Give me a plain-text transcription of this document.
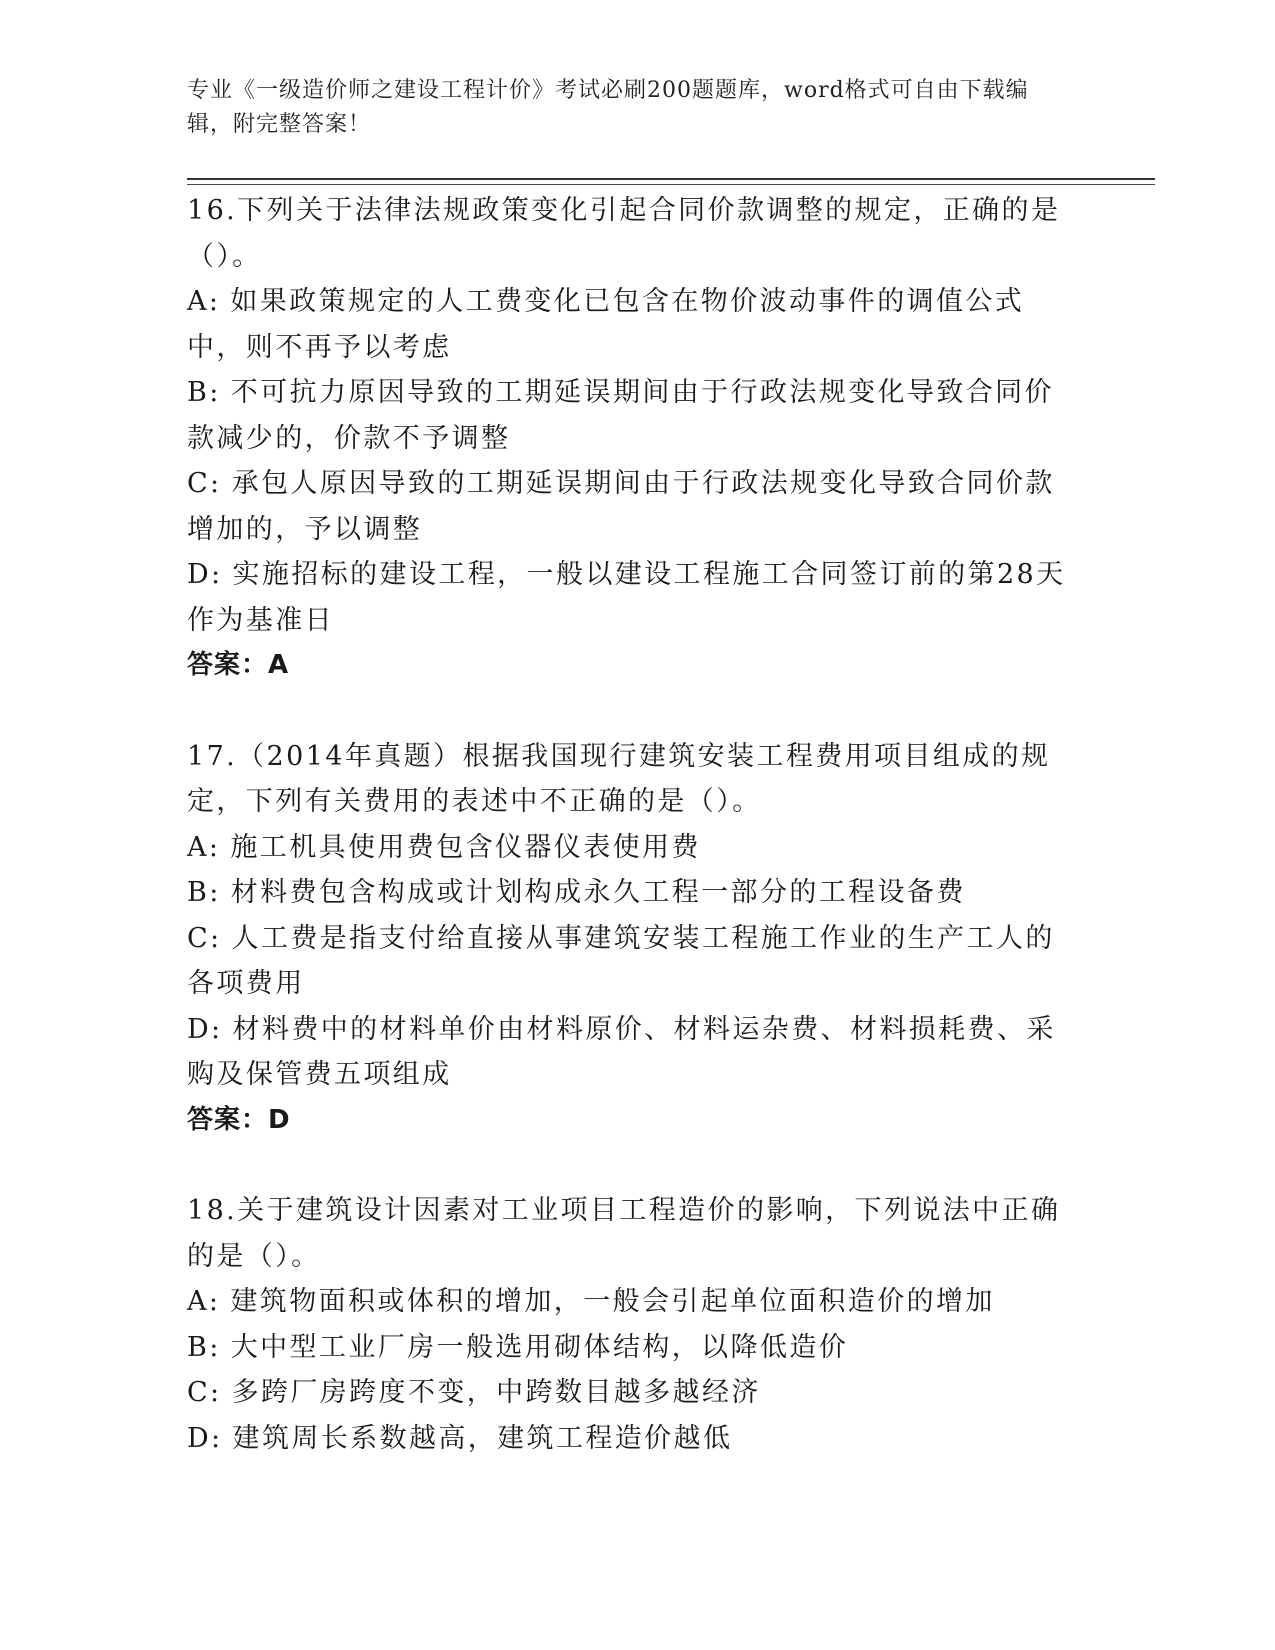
专业《一级造价师之建设工程计价》考试必刷200题题库，word格式可自由下载编辑，附完整答案！

16.下列关于法律法规政策变化引起合同价款调整的规定，正确的是（）。

A: 如果政策规定的人工费变化已包含在物价波动事件的调值公式中，则不再予以考虑

B: 不可抗力原因导致的工期延误期间由于行政法规变化导致合同价款减少的，价款不予调整

C: 承包人原因导致的工期延误期间由于行政法规变化导致合同价款增加的，予以调整

D: 实施招标的建设工程，一般以建设工程施工合同签订前的第28天作为基准日

答案：A

17.（2014年真题）根据我国现行建筑安装工程费用项目组成的规定，下列有关费用的表述中不正确的是（）。

A: 施工机具使用费包含仪器仪表使用费

B: 材料费包含构成或计划构成永久工程一部分的工程设备费

C: 人工费是指支付给直接从事建筑安装工程施工作业的生产工人的各项费用

D: 材料费中的材料单价由材料原价、材料运杂费、材料损耗费、采购及保管费五项组成

答案：D

18.关于建筑设计因素对工业项目工程造价的影响，下列说法中正确的是（）。

A: 建筑物面积或体积的增加，一般会引起单位面积造价的增加

B: 大中型工业厂房一般选用砌体结构，以降低造价

C: 多跨厂房跨度不变，中跨数目越多越经济

D: 建筑周长系数越高，建筑工程造价越低
